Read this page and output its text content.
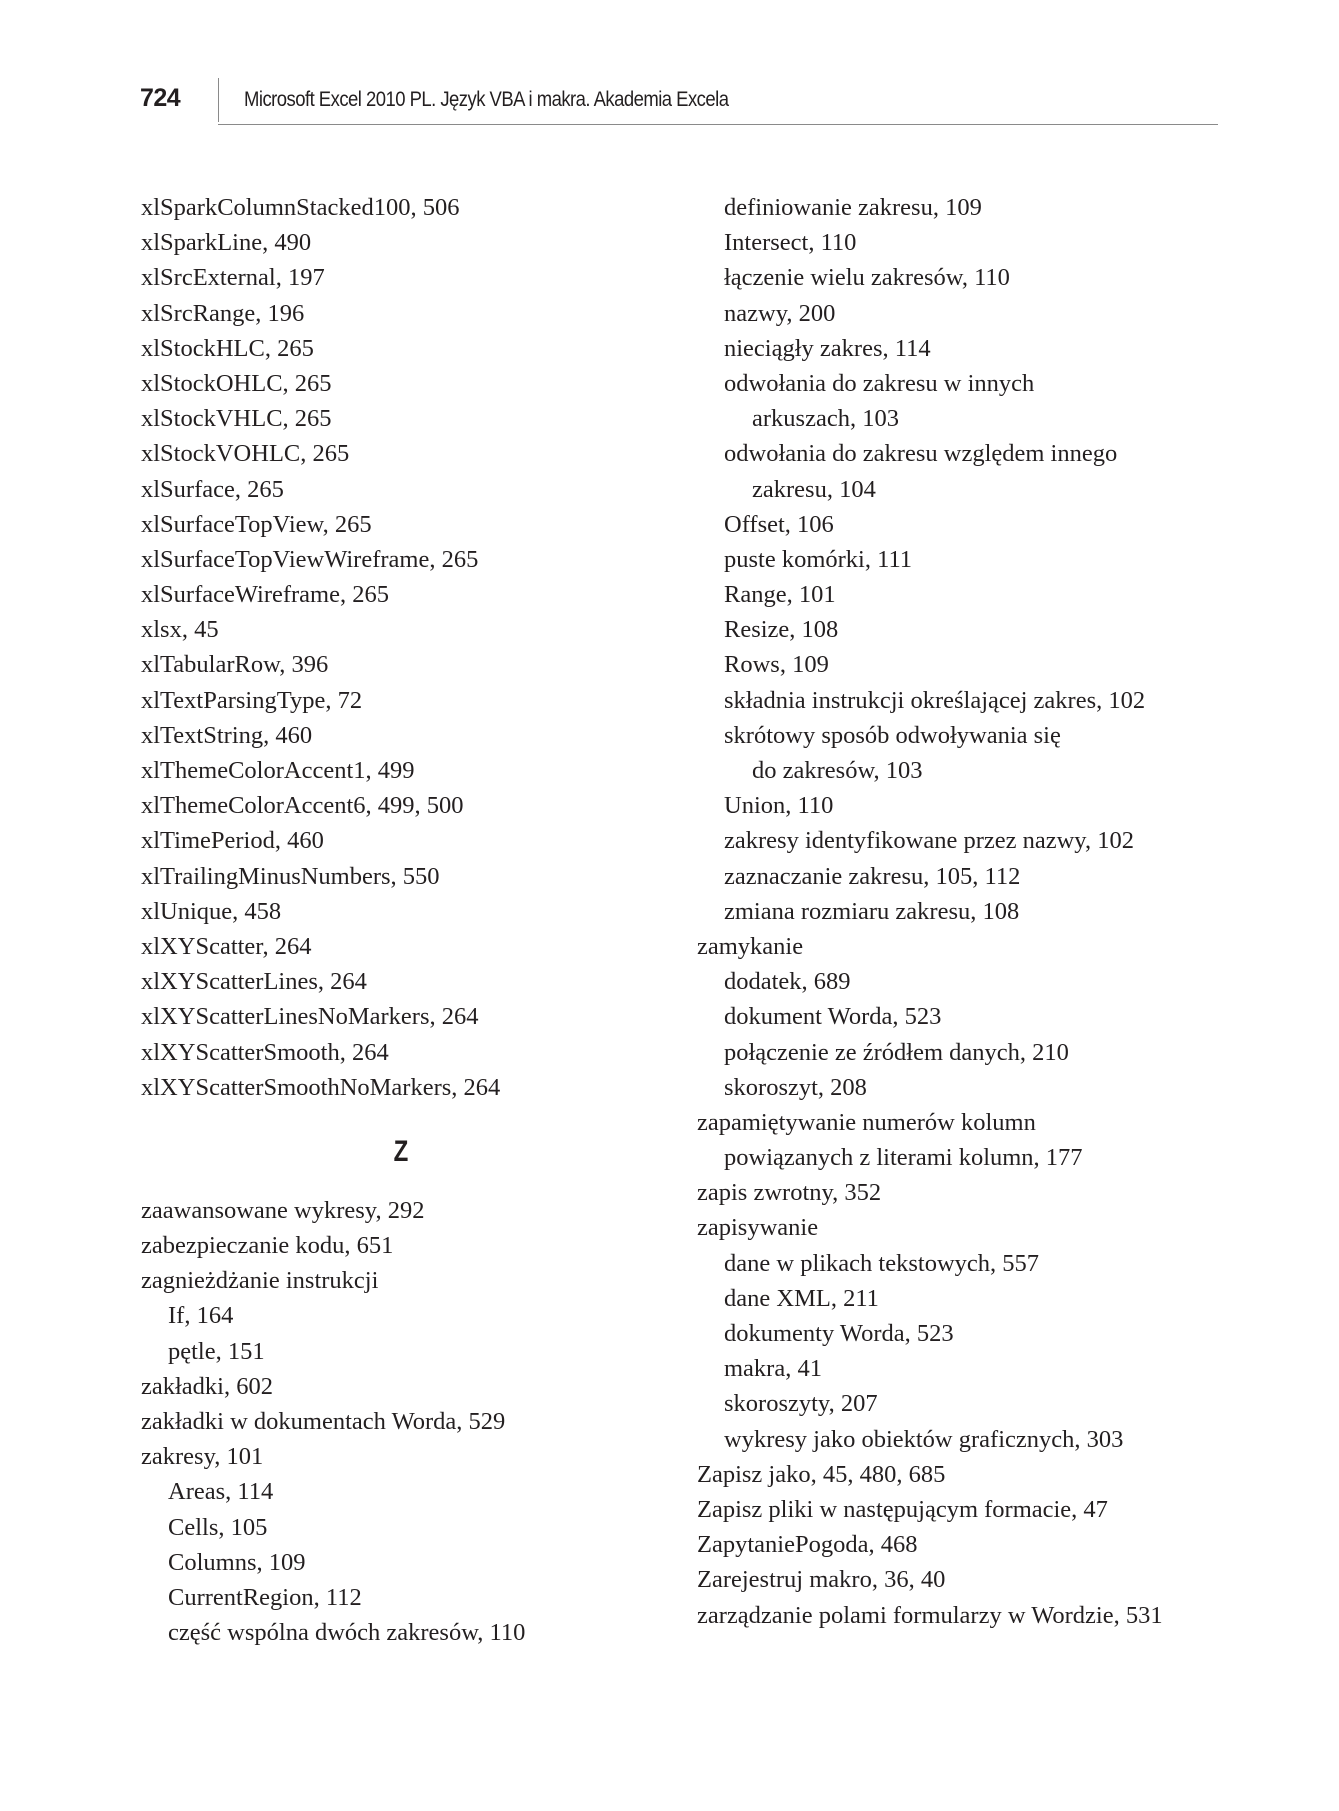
724	Microsoft Excel 2010 PL. Język VBA i makra. Akademia Excela
xlSparkColumnStacked100, 506
xlSparkLine, 490
xlSrcExternal, 197
xlSrcRange, 196
xlStockHLC, 265
xlStockOHLC, 265
xlStockVHLC, 265
xlStockVOHLC, 265
xlSurface, 265
xlSurfaceTopView, 265
xlSurfaceTopViewWireframe, 265
xlSurfaceWireframe, 265
xlsx, 45
xlTabularRow, 396
xlTextParsingType, 72
xlTextString, 460
xlThemeColorAccent1, 499
xlThemeColorAccent6, 499, 500
xlTimePeriod, 460
xlTrailingMinusNumbers, 550
xlUnique, 458
xlXYScatter, 264
xlXYScatterLines, 264
xlXYScatterLinesNoMarkers, 264
xlXYScatterSmooth, 264
xlXYScatterSmoothNoMarkers, 264
Z
zaawansowane wykresy, 292
zabezpieczanie kodu, 651
zagnieżdżanie instrukcji
If, 164
pętle, 151
zakładki, 602
zakładki w dokumentach Worda, 529
zakresy, 101
Areas, 114
Cells, 105
Columns, 109
CurrentRegion, 112
część wspólna dwóch zakresów, 110
definiowanie zakresu, 109
Intersect, 110
łączenie wielu zakresów, 110
nazwy, 200
nieciągły zakres, 114
odwołania do zakresu w innych
arkuszach, 103
odwołania do zakresu względem innego
zakresu, 104
Offset, 106
puste komórki, 111
Range, 101
Resize, 108
Rows, 109
składnia instrukcji określającej zakres, 102
skrótowy sposób odwoływania się
do zakresów, 103
Union, 110
zakresy identyfikowane przez nazwy, 102
zaznaczanie zakresu, 105, 112
zmiana rozmiaru zakresu, 108
zamykanie
dodatek, 689
dokument Worda, 523
połączenie ze źródłem danych, 210
skoroszyt, 208
zapamiętywanie numerów kolumn
powiązanych z literami kolumn, 177
zapis zwrotny, 352
zapisywanie
dane w plikach tekstowych, 557
dane XML, 211
dokumenty Worda, 523
makra, 41
skoroszyty, 207
wykresy jako obiektów graficznych, 303
Zapisz jako, 45, 480, 685
Zapisz pliki w następującym formacie, 47
ZapytaniePogoda, 468
Zarejestruj makro, 36, 40
zarządzanie polami formularzy w Wordzie, 531
